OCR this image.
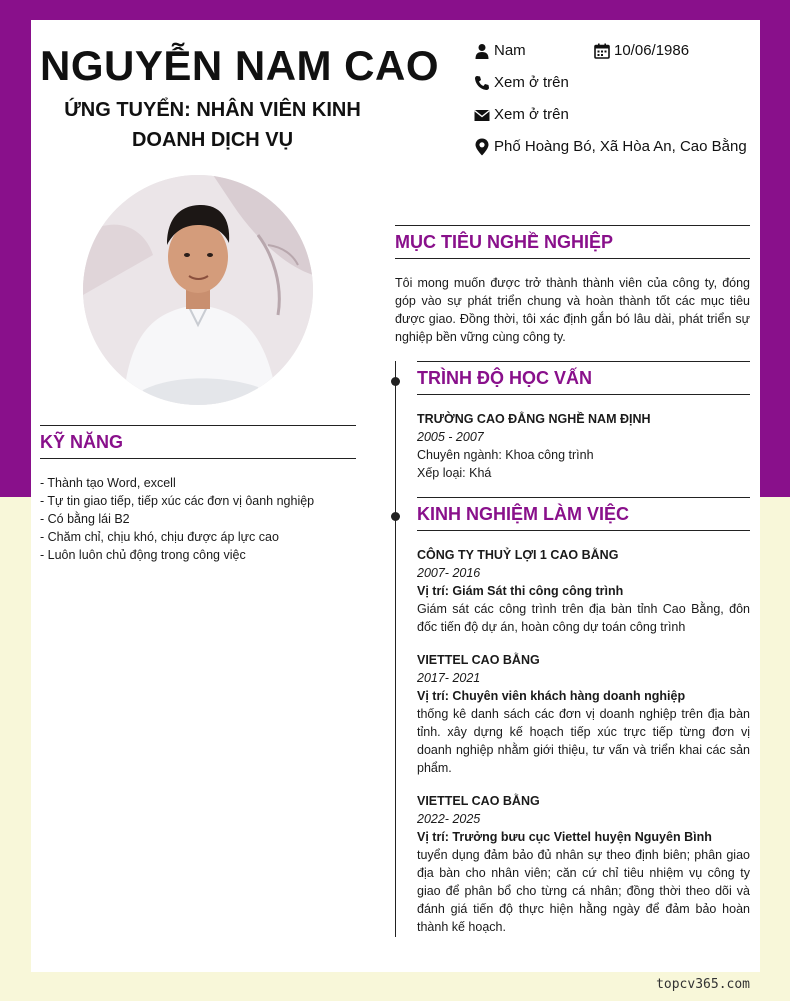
NGUYỄN NAM CAO
ỨNG TUYỂN: NHÂN VIÊN KINH DOANH DỊCH VỤ
Nam	10/06/1986
Xem ở trên
Xem ở trên
Phố Hoàng Bó, Xã Hòa An, Cao Bằng
KỸ NĂNG
- Thành tạo Word, excell
- Tự tin giao tiếp, tiếp xúc các đơn vị ôanh nghiệp
- Có bằng lái B2
- Chăm chỉ, chịu khó, chịu được áp lực cao
- Luôn luôn chủ động trong công việc
MỤC TIÊU NGHỀ NGHIỆP

Tôi mong muốn được trở thành thành viên của công ty, đóng góp vào sự phát triển chung và hoàn thành tốt các mục tiêu được giao. Đồng thời, tôi xác định gắn bó lâu dài, phát triển sự nghiệp bền vững cùng công ty.

TRÌNH ĐỘ HỌC VẤN

TRƯỜNG CAO ĐẲNG NGHỀ NAM ĐỊNH

2005 - 2007

Chuyên ngành: Khoa công trình

Xếp loại: Khá

KINH NGHIỆM LÀM VIỆC

CÔNG TY THUỶ LỢI 1 CAO BẰNG

2007- 2016

Vị trí: Giám Sát thi công công trình

Giám sát các công trình trên địa bàn tỉnh Cao Bằng, đôn đốc tiến độ dự án, hoàn công dự toán công trình

VIETTEL CAO BẰNG

2017- 2021

Vị trí: Chuyên viên khách hàng doanh nghiệp

thống kê danh sách các đơn vị doanh nghiệp trên địa bàn tỉnh. xây dựng kế hoạch tiếp xúc trực tiếp từng đơn vị doanh nghiệp nhằm giới thiệu, tư vấn và triển khai các sản phẩm.

VIETTEL CAO BẰNG

2022- 2025

Vị trí: Trưởng bưu cục Viettel huyện Nguyên Bình

tuyển dụng đảm bảo đủ nhân sự theo định biên; phân giao địa bàn cho nhân viên; căn cứ chỉ tiêu nhiệm vụ công ty giao để phân bổ cho từng cá nhân; đồng thời theo dõi và đánh giá tiến độ thực hiện hằng ngày để đảm bảo hoàn thành kế hoạch.

topcv365.com
